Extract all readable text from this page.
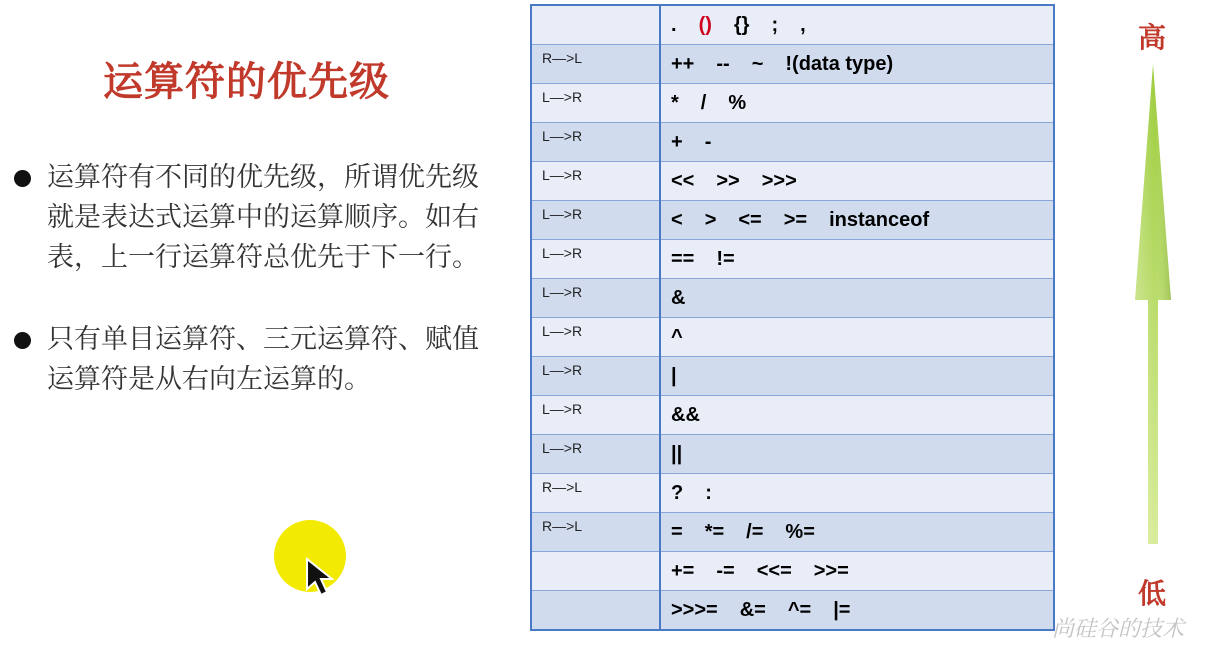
运算符的优先级
运算符有不同的优先级，所谓优先级就是表达式运算中的运算顺序。如右表，上一行运算符总优先于下一行。
只有单目运算符、三元运算符、赋值运算符是从右向左运算的。
	. () {} ; ,
R—>L	++ -- ~ !(data type)
L—>R	* / %
L—>R	+ -
L—>R	<< >> >>>
L—>R	< > <= >= instanceof
L—>R	== !=
L—>R	&
L—>R	^
L—>R	|
L—>R	&&
L—>R	||
R—>L	? :
R—>L	= *= /= %=
	+= -= <<= >>=
	>>>= &= ^= |=
高
低
尚硅谷的技术
